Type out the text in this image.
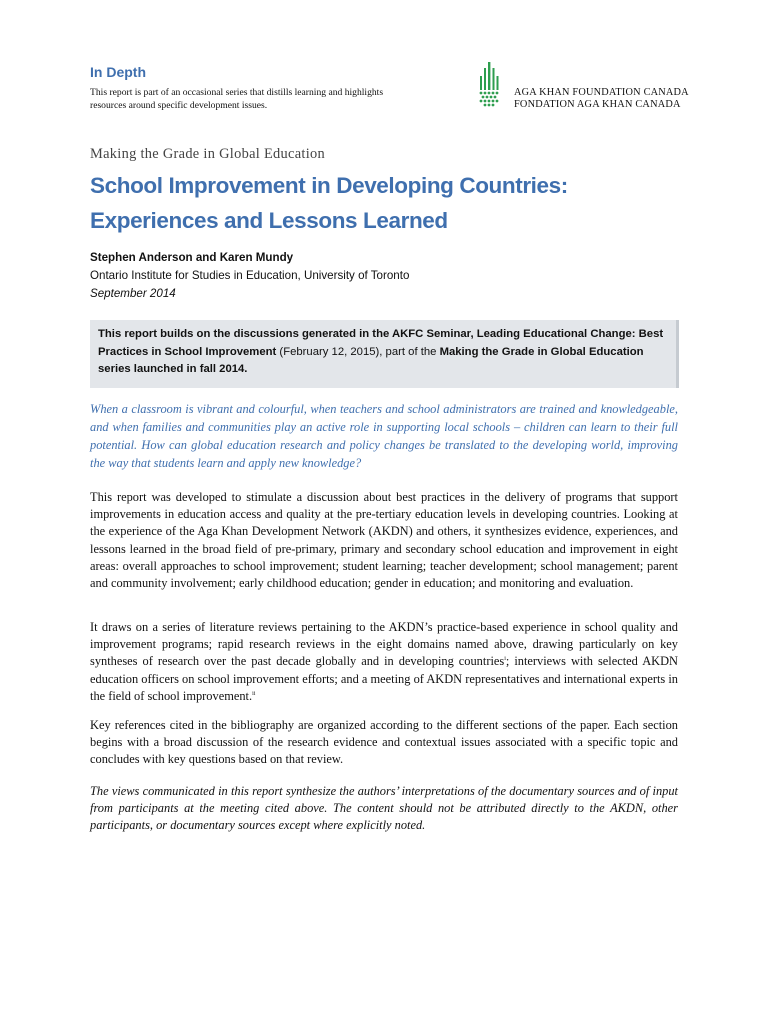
In Depth
This report is part of an occasional series that distills learning and highlights resources around specific development issues.
AGA KHAN FOUNDATION CANADA
FONDATION AGA KHAN CANADA
Making the Grade in Global Education
School Improvement in Developing Countries:
Experiences and Lessons Learned
Stephen Anderson and Karen Mundy
Ontario Institute for Studies in Education, University of Toronto
September 2014
This report builds on the discussions generated in the AKFC Seminar, Leading Educational Change: Best Practices in School Improvement (February 12, 2015), part of the Making the Grade in Global Education series launched in fall 2014.

When a classroom is vibrant and colourful, when teachers and school administrators are trained and knowledgeable, and when families and communities play an active role in supporting local schools – children can learn to their full potential. How can global education research and policy changes be translated to the developing world, improving the way that students learn and apply new knowledge?

This report was developed to stimulate a discussion about best practices in the delivery of programs that support improvements in education access and quality at the pre-tertiary education levels in developing countries. Looking at the experience of the Aga Khan Development Network (AKDN) and others, it synthesizes evidence, experiences, and lessons learned in the broad field of pre-primary, primary and secondary school education and improvement in eight areas: overall approaches to school improvement; student learning; teacher development; school management; parent and community involvement; early childhood education; gender in education; and monitoring and evaluation.

It draws on a series of literature reviews pertaining to the AKDN’s practice-based experience in school quality and improvement programs; rapid research reviews in the eight domains named above, drawing particularly on key syntheses of research over the past decade globally and in developing countries$^i$; interviews with selected AKDN education officers on school improvement efforts; and a meeting of AKDN representatives and international experts in the field of school improvement.$^{ii}$

Key references cited in the bibliography are organized according to the different sections of the paper. Each section begins with a broad discussion of the research evidence and contextual issues associated with a specific topic and concludes with key questions based on that review.

The views communicated in this report synthesize the authors’ interpretations of the documentary sources and of input from participants at the meeting cited above. The content should not be attributed directly to the AKDN, other participants, or documentary sources except where explicitly noted.
